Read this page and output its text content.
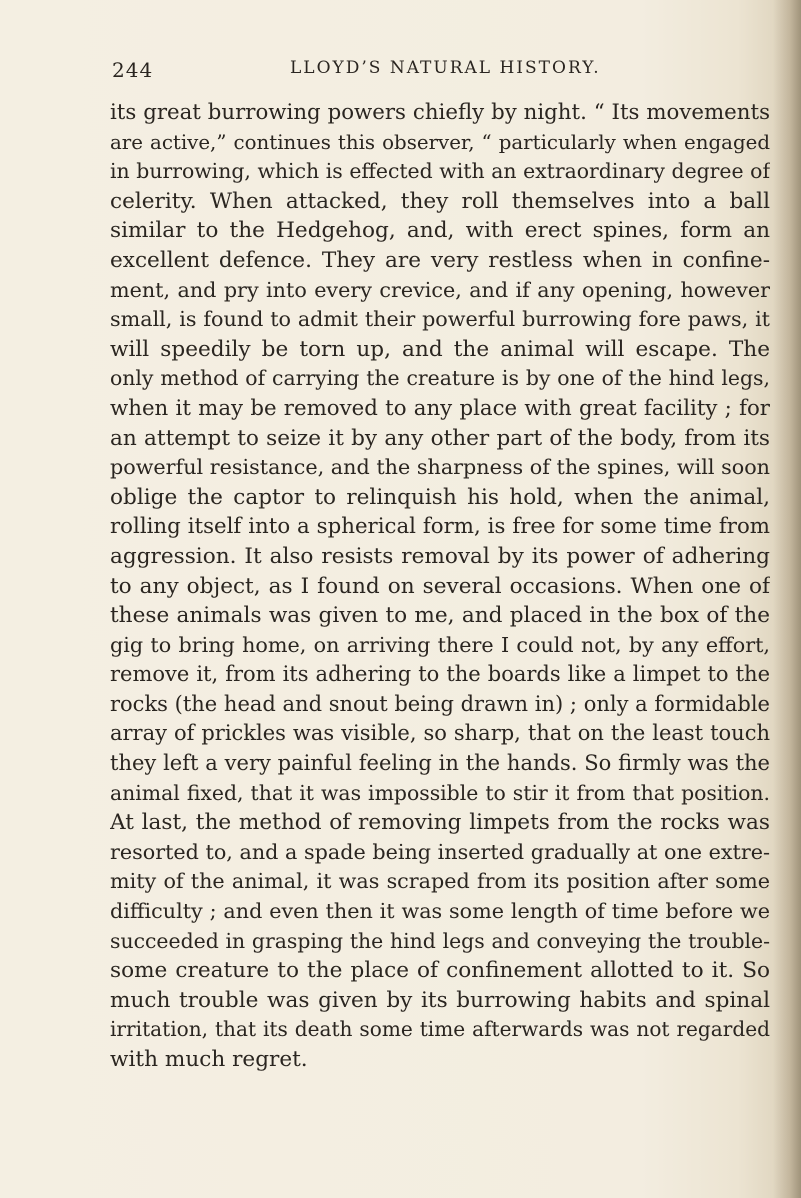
244	LLOYD’S NATURAL HISTORY.
its great burrowing powers chiefly by night. “ Its movements
are active,” continues this observer, “ particularly when engaged
in burrowing, which is effected with an extraordinary degree of
celerity. When attacked, they roll themselves into a ball
similar to the Hedgehog, and, with erect spines, form an
excellent defence. They are very restless when in confine-
ment, and pry into every crevice, and if any opening, however
small, is found to admit their powerful burrowing fore paws, it
will speedily be torn up, and the animal will escape. The
only method of carrying the creature is by one of the hind legs,
when it may be removed to any place with great facility ; for
an attempt to seize it by any other part of the body, from its
powerful resistance, and the sharpness of the spines, will soon
oblige the captor to relinquish his hold, when the animal,
rolling itself into a spherical form, is free for some time from
aggression. It also resists removal by its power of adhering
to any object, as I found on several occasions. When one of
these animals was given to me, and placed in the box of the
gig to bring home, on arriving there I could not, by any effort,
remove it, from its adhering to the boards like a limpet to the
rocks (the head and snout being drawn in) ; only a formidable
array of prickles was visible, so sharp, that on the least touch
they left a very painful feeling in the hands. So firmly was the
animal fixed, that it was impossible to stir it from that position.
At last, the method of removing limpets from the rocks was
resorted to, and a spade being inserted gradually at one extre-
mity of the animal, it was scraped from its position after some
difficulty ; and even then it was some length of time before we
succeeded in grasping the hind legs and conveying the trouble-
some creature to the place of confinement allotted to it. So
much trouble was given by its burrowing habits and spinal
irritation, that its death some time afterwards was not regarded
with much regret.
